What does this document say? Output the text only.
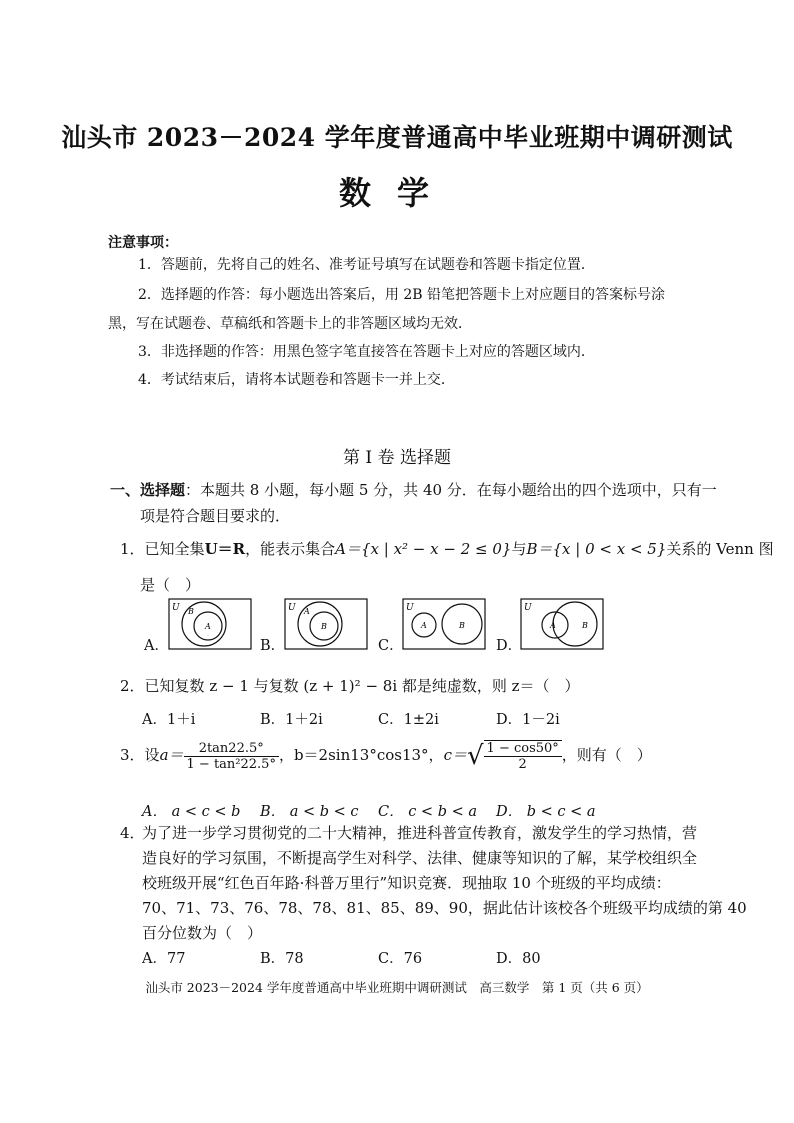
汕头市 2023－2024 学年度普通高中毕业班期中调研测试
数学
注意事项：
1．答题前，先将自己的姓名、准考证号填写在试题卷和答题卡指定位置．
2．选择题的作答：每小题选出答案后，用 2B 铅笔把答题卡上对应题目的答案标号涂
黑，写在试题卷、草稿纸和答题卡上的非答题区域均无效．
3．非选择题的作答：用黑色签字笔直接答在答题卡上对应的答题区域内．
4．考试结束后，请将本试题卷和答题卡一并上交．
第 I 卷 选择题
一、选择题：本题共 8 小题，每小题 5 分，共 40 分．在每小题给出的四个选项中，只有一
项是符合题目要求的．
1．已知全集U＝R，能表示集合A＝{x | x² − x − 2 ≤ 0}与B＝{x | 0 < x < 5}关系的 Venn 图
是（　）
A．
U B
A
B．
U A
B
C．
U
A	B
D．
U
A	B
2．已知复数 z − 1 与复数 (z + 1)² − 8i 都是纯虚数，则 z＝（　）
A．1＋i	B．1＋2i	C．1±2i	D．1－2i
3．设$a= \frac{2\tan 22.5^\circ}{\text{1 − tan²22.5°}}$ ，b＝2sin13°cos13°，$c=√ \frac{1 - \cos 50^\circ}{2}$ ，则有（　）
A． a < c < b B． a < b < c C． c < b < a D． b < c < a
4．
为了进一步学习贯彻党的二十大精神，推进科普宣传教育，激发学生的学习热情，营
造良好的学习氛围，不断提高学生对科学、法律、健康等知识的了解，某学校组织全
校班级开展“红色百年路·科普万里行”知识竞赛．现抽取 10 个班级的平均成绩：
70、71、73、76、78、78、81、85、89、90，据此估计该校各个班级平均成绩的第 40
百分位数为（　）
A．77	B．78	C．76	D．80
汕头市 2023－2024 学年度普通高中毕业班期中调研测试　高三数学　第 1 页（共 6 页）
